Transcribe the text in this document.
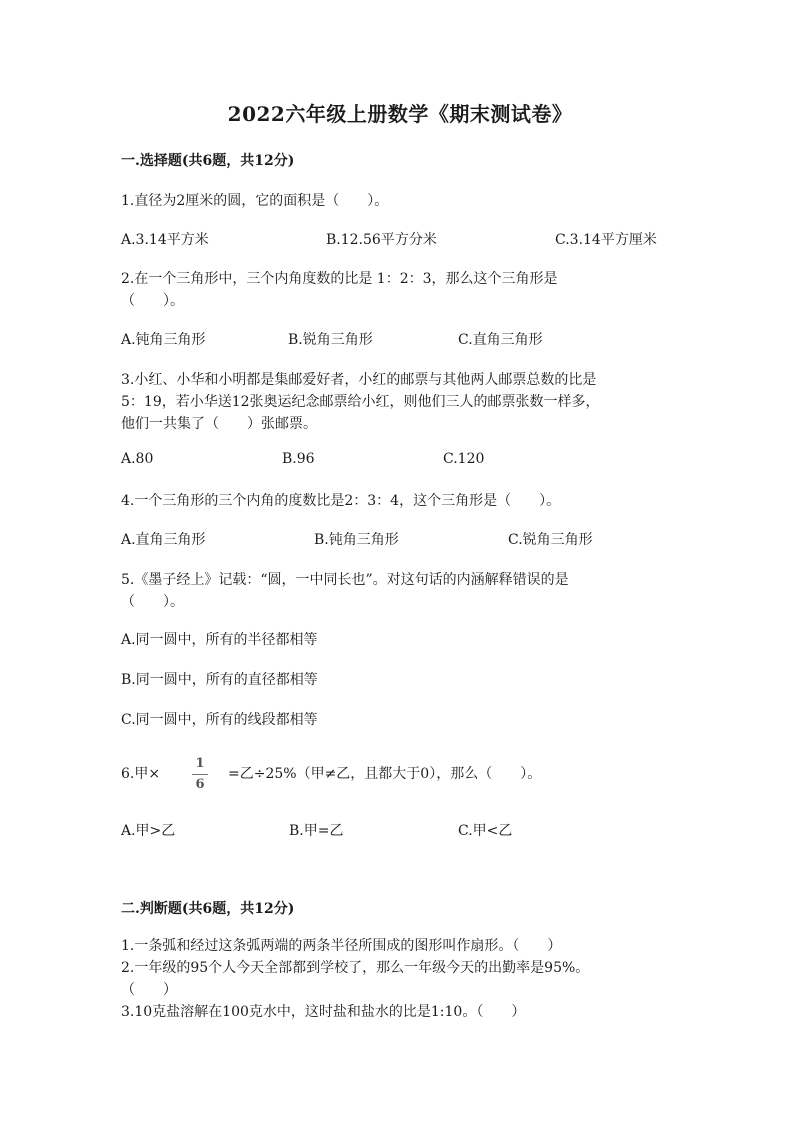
2022六年级上册数学《期末测试卷》
一.选择题(共6题，共12分)
1.直径为2厘米的圆，它的面积是（　　）。
A.3.14平方米	B.12.56平方分米	C.3.14平方厘米
2.在一个三角形中，三个内角度数的比是 1：2：3，那么这个三角形是
（　　）。
A.钝角三角形	B.锐角三角形	C.直角三角形
3.小红、小华和小明都是集邮爱好者，小红的邮票与其他两人邮票总数的比是
5：19，若小华送12张奥运纪念邮票给小红，则他们三人的邮票张数一样多，
他们一共集了（　　）张邮票。
A.80	B.96	C.120
4.一个三角形的三个内角的度数比是2：3：4，这个三角形是（　　）。
A.直角三角形	B.钝角三角形	C.锐角三角形
5.《墨子经上》记载：“圆，一中同长也”。对这句话的内涵解释错误的是
（　　）。
A.同一圆中，所有的半径都相等
B.同一圆中，所有的直径都相等
C.同一圆中，所有的线段都相等
6.甲×
1
6
=乙÷25%（甲≠乙，且都大于0），那么（　　）。
A.甲>乙	B.甲=乙	C.甲<乙
二.判断题(共6题，共12分)
1.一条弧和经过这条弧两端的两条半径所围成的图形叫作扇形。（　　）
2.一年级的95个人今天全部都到学校了，那么一年级今天的出勤率是95%。
（　　）
3.10克盐溶解在100克水中，这时盐和盐水的比是1:10。（　　）
